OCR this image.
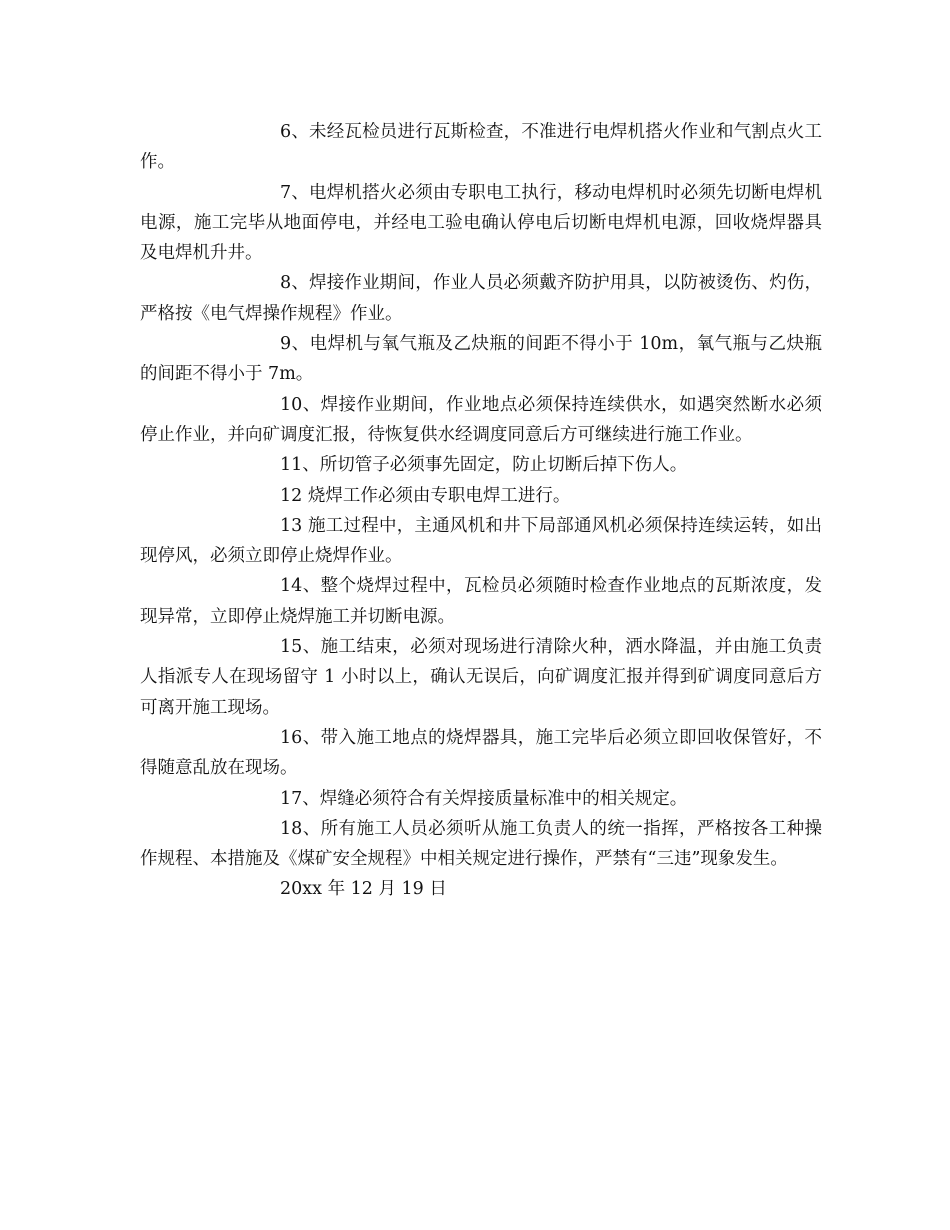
6、未经瓦检员进行瓦斯检查，不准进行电焊机搭火作业和气割点火工作。

7、电焊机搭火必须由专职电工执行，移动电焊机时必须先切断电焊机电源，施工完毕从地面停电，并经电工验电确认停电后切断电焊机电源，回收烧焊器具及电焊机升井。

8、焊接作业期间，作业人员必须戴齐防护用具，以防被烫伤、灼伤，严格按《电气焊操作规程》作业。

9、电焊机与氧气瓶及乙炔瓶的间距不得小于 10m，氧气瓶与乙炔瓶的间距不得小于 7m。

10、焊接作业期间，作业地点必须保持连续供水，如遇突然断水必须停止作业，并向矿调度汇报，待恢复供水经调度同意后方可继续进行施工作业。

11、所切管子必须事先固定，防止切断后掉下伤人。

12 烧焊工作必须由专职电焊工进行。

13 施工过程中，主通风机和井下局部通风机必须保持连续运转，如出现停风，必须立即停止烧焊作业。

14、整个烧焊过程中，瓦检员必须随时检查作业地点的瓦斯浓度，发现异常，立即停止烧焊施工并切断电源。

15、施工结束，必须对现场进行清除火种，洒水降温，并由施工负责人指派专人在现场留守 1 小时以上，确认无误后，向矿调度汇报并得到矿调度同意后方可离开施工现场。

16、带入施工地点的烧焊器具，施工完毕后必须立即回收保管好，不得随意乱放在现场。

17、焊缝必须符合有关焊接质量标准中的相关规定。

18、所有施工人员必须听从施工负责人的统一指挥，严格按各工种操作规程、本措施及《煤矿安全规程》中相关规定进行操作，严禁有“三违”现象发生。

20xx 年 12 月 19 日
